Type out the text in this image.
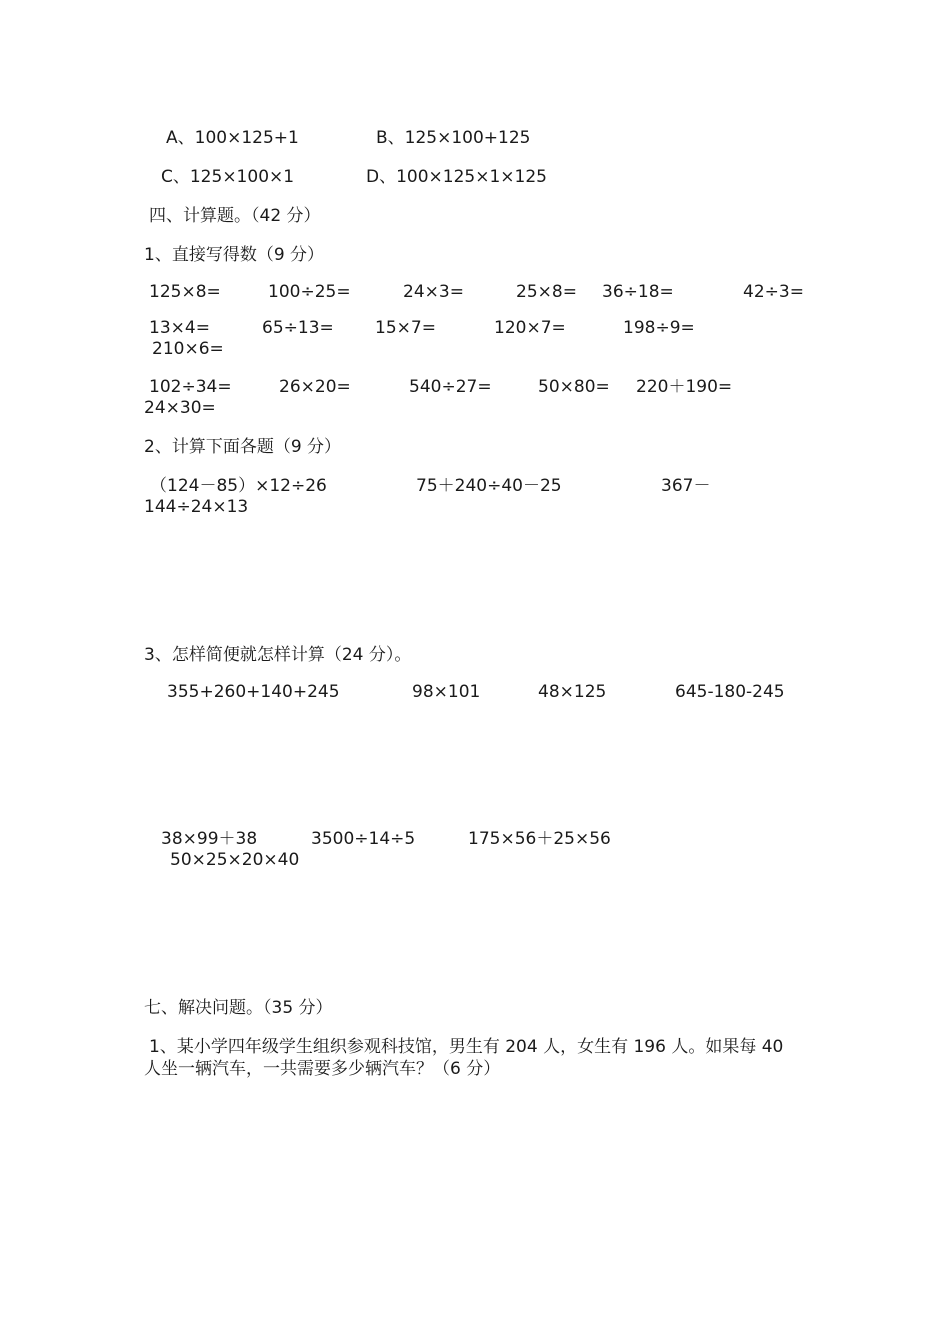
A、100×125+1	B、125×100+125
C、125×100×1	D、100×125×1×125
四、计算题。（42 分）
1、直接写得数（9 分）
125×8=	100÷25=	24×3=	25×8= 36÷18=	42÷3=
13×4=	65÷13= 15×7=	120×7=	198÷9=
210×6=
102÷34=	26×20=	540÷27=	50×80= 220＋190=
24×30=
2、计算下面各题（9 分）
（124－85）×12÷26	75＋240÷40－25	367－
144÷24×13
3、怎样简便就怎样计算（24 分）。
355+260+140+245	98×101	48×125	645-180-245
38×99＋38	3500÷14÷5	175×56＋25×56
50×25×20×40
七、解决问题。（35 分）
1、某小学四年级学生组织参观科技馆，男生有 204 人，女生有 196 人。如果每 40
人坐一辆汽车，一共需要多少辆汽车？（6 分）
